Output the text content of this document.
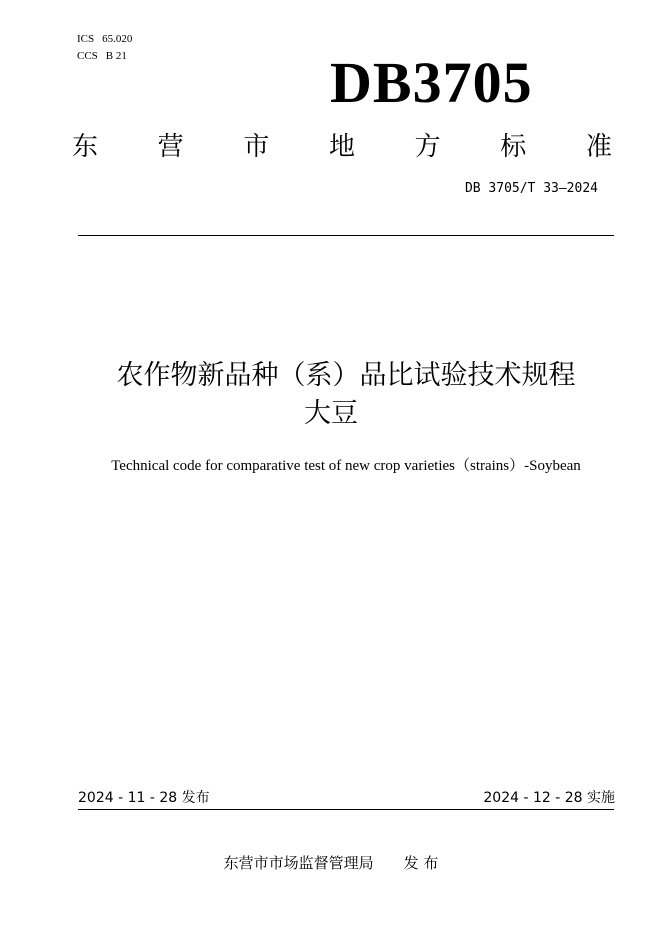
ICS 65.020
CCS B 21	DB3705
东 营 市 地 方 标 准
DB 3705/T 33—2024
农作物新品种（系）品比试验技术规程
大豆
Technical code for comparative test of new crop varieties（strains）-Soybean
2024 - 11 - 28 发布	2024 - 12 - 28 实施
东营市市场监督管理局 发 布
